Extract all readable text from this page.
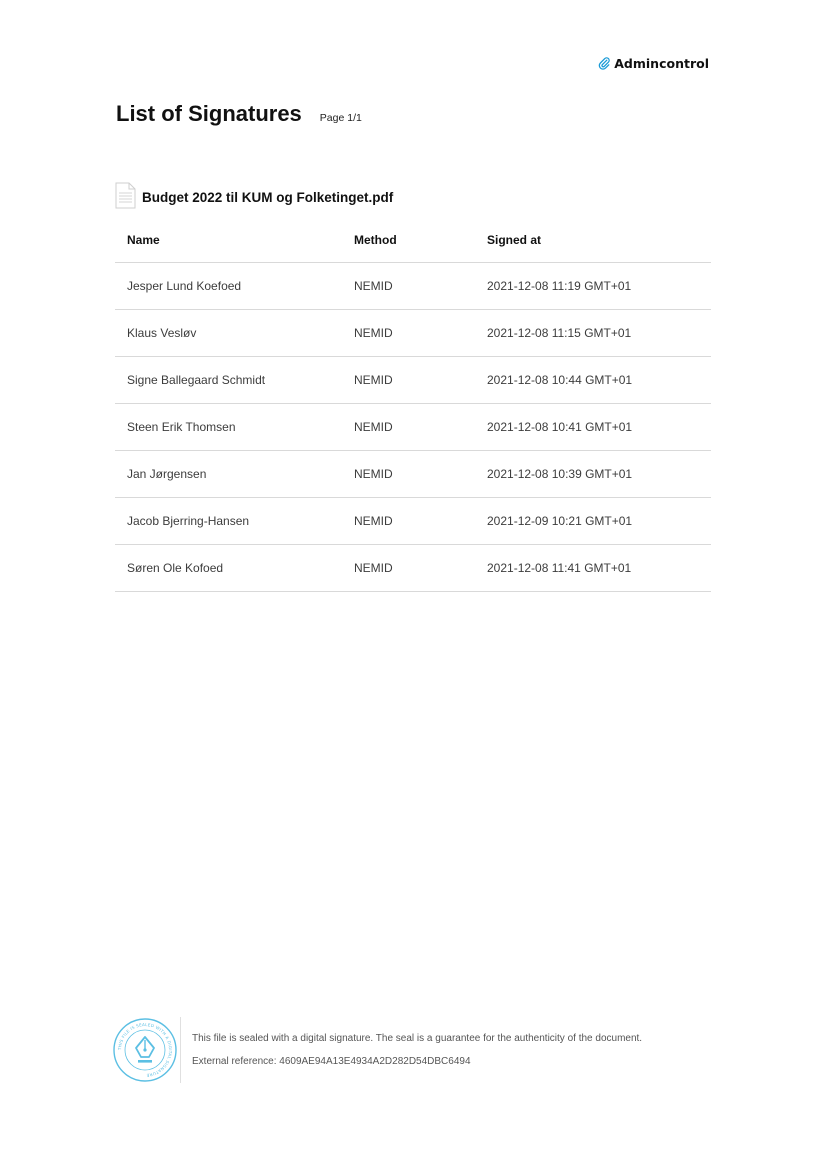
Admincontrol
List of Signatures Page 1/1
Budget 2022 til KUM og Folketinget.pdf
Name	Method	Signed at
Jesper Lund Koefoed	NEMID	2021-12-08 11:19 GMT+01
Klaus Vesløv	NEMID	2021-12-08 11:15 GMT+01
Signe Ballegaard Schmidt	NEMID	2021-12-08 10:44 GMT+01
Steen Erik Thomsen	NEMID	2021-12-08 10:41 GMT+01
Jan Jørgensen	NEMID	2021-12-08 10:39 GMT+01
Jacob Bjerring-Hansen	NEMID	2021-12-09 10:21 GMT+01
Søren Ole Kofoed	NEMID	2021-12-08 11:41 GMT+01
THIS FILE IS SEALED WITH A DIGITAL SIGNATURE
This file is sealed with a digital signature. The seal is a guarantee for the authenticity of the document.
External reference: 4609AE94A13E4934A2D282D54DBC6494
